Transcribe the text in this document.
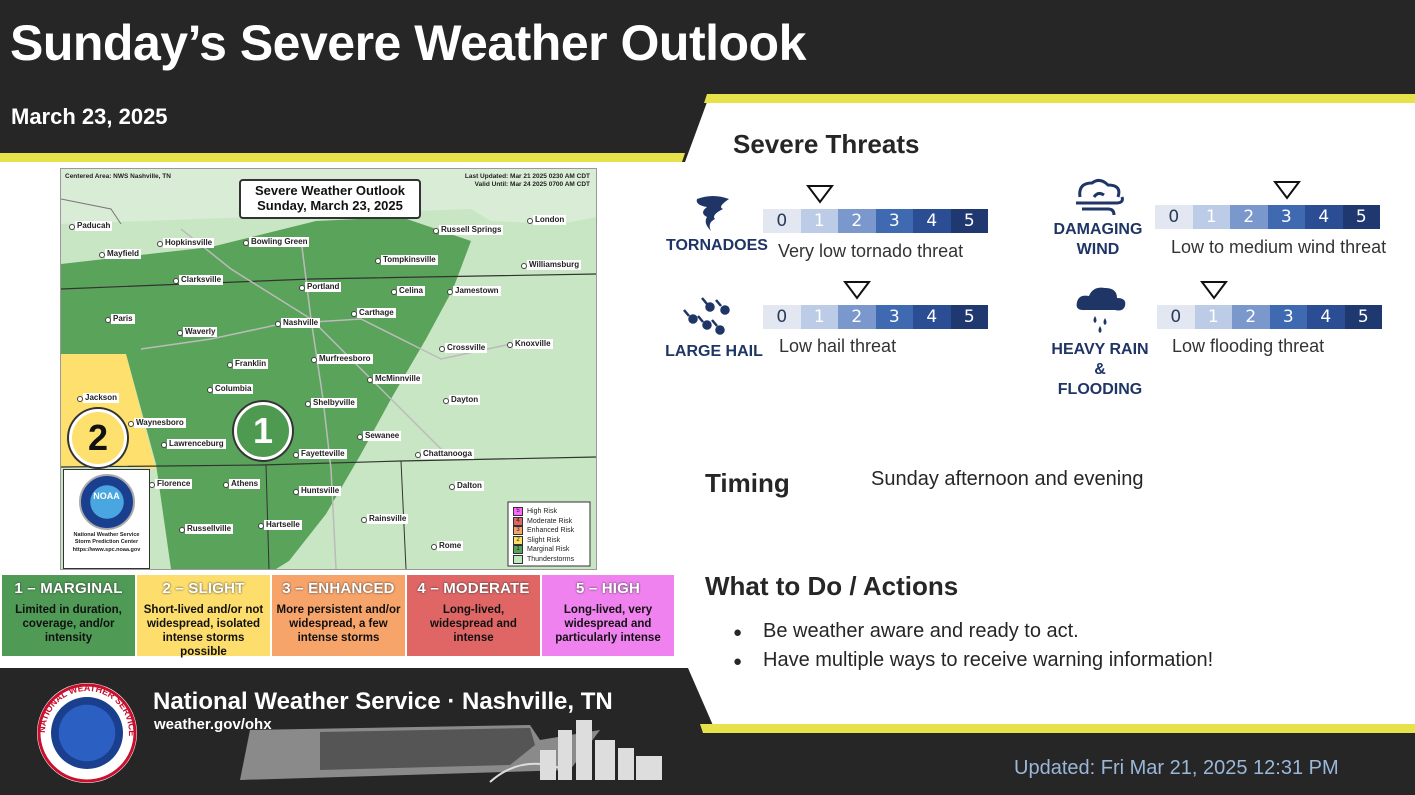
Sunday’s Severe Weather Outlook
March 23, 2025
Centered Area: NWS Nashville, TN	Last Updated: Mar 21 2025 0230 AM CDT
Valid Until: Mar 24 2025 0700 AM CDT
Severe Weather Outlook
Sunday, March 23, 2025
Paducah
Mayfield
Hopkinsville	Bowling Green
Russell Springs
London
Clarksville
Tompkinsville
Williamsburg
Portland	Celina	Jamestown
Paris
Waverly
Nashville
Carthage
Knoxville
Franklin
Murfreesboro
Crossville
McMinnville
Columbia
Jackson
Shelbyville	Dayton
Waynesboro
Sewanee
Lawrenceburg
Fayetteville	Chattanooga
Florence	Athens
Huntsville
Dalton
Rainsville
Russellville	Hartselle
Rome
1
2
NOAA
National Weather Service
Storm Prediction Center
https://www.spc.noaa.gov
5	High Risk
4	Moderate Risk
3	Enhanced Risk
2	Slight Risk
1	Marginal Risk
Thunderstorms
1 – MARGINAL
Limited in duration, coverage, and/or intensity
2 – SLIGHT
Short-lived and/or not widespread, isolated intense storms possible
3 – ENHANCED
More persistent and/or widespread, a few intense storms
4 – MODERATE
Long-lived, widespread and intense
5 – HIGH
Long-lived, very widespread and particularly intense
Severe Threats
TORNADOES
0	1	2	3	4	5
Very low tornado threat
DAMAGING
WIND
0	1	2	3	4	5
Low to medium wind threat
LARGE HAIL
0	1	2	3	4	5
Low hail threat	HEAVY RAIN
& FLOODING
0	1	2	3	4	5
Low flooding threat
Timing	Sunday afternoon and evening
What to Do / Actions
● Be weather aware and ready to act.
● Have multiple ways to receive warning information!
NATIONAL WEATHER SERVICE
National Weather Service · Nashville, TN
weather.gov/ohx
Updated: Fri Mar 21, 2025 12:31 PM
